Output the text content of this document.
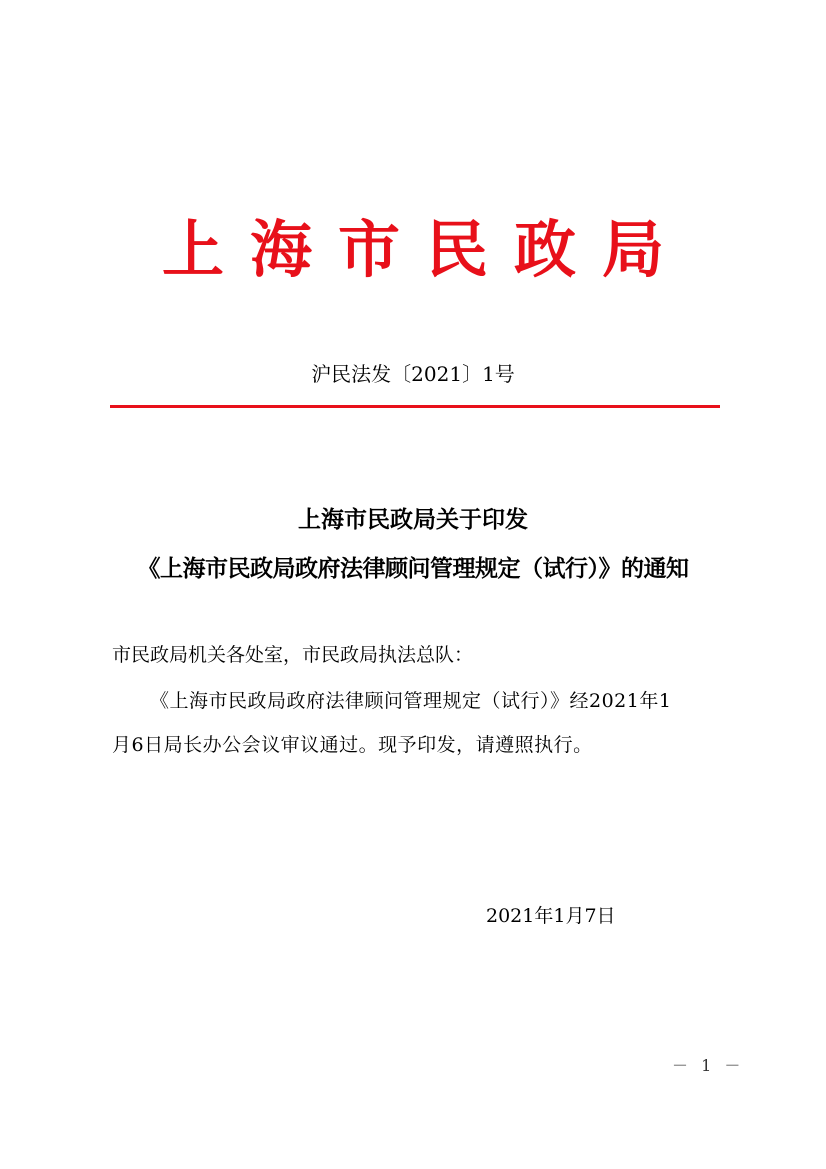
上海市民政局
沪民法发〔2021〕1号
上海市民政局关于印发
《上海市民政局政府法律顾问管理规定（试行）》的通知
市民政局机关各处室，市民政局执法总队：
《上海市民政局政府法律顾问管理规定（试行）》经2021年1
月6日局长办公会议审议通过。现予印发，请遵照执行。
2021年1月7日
－ 1 －
